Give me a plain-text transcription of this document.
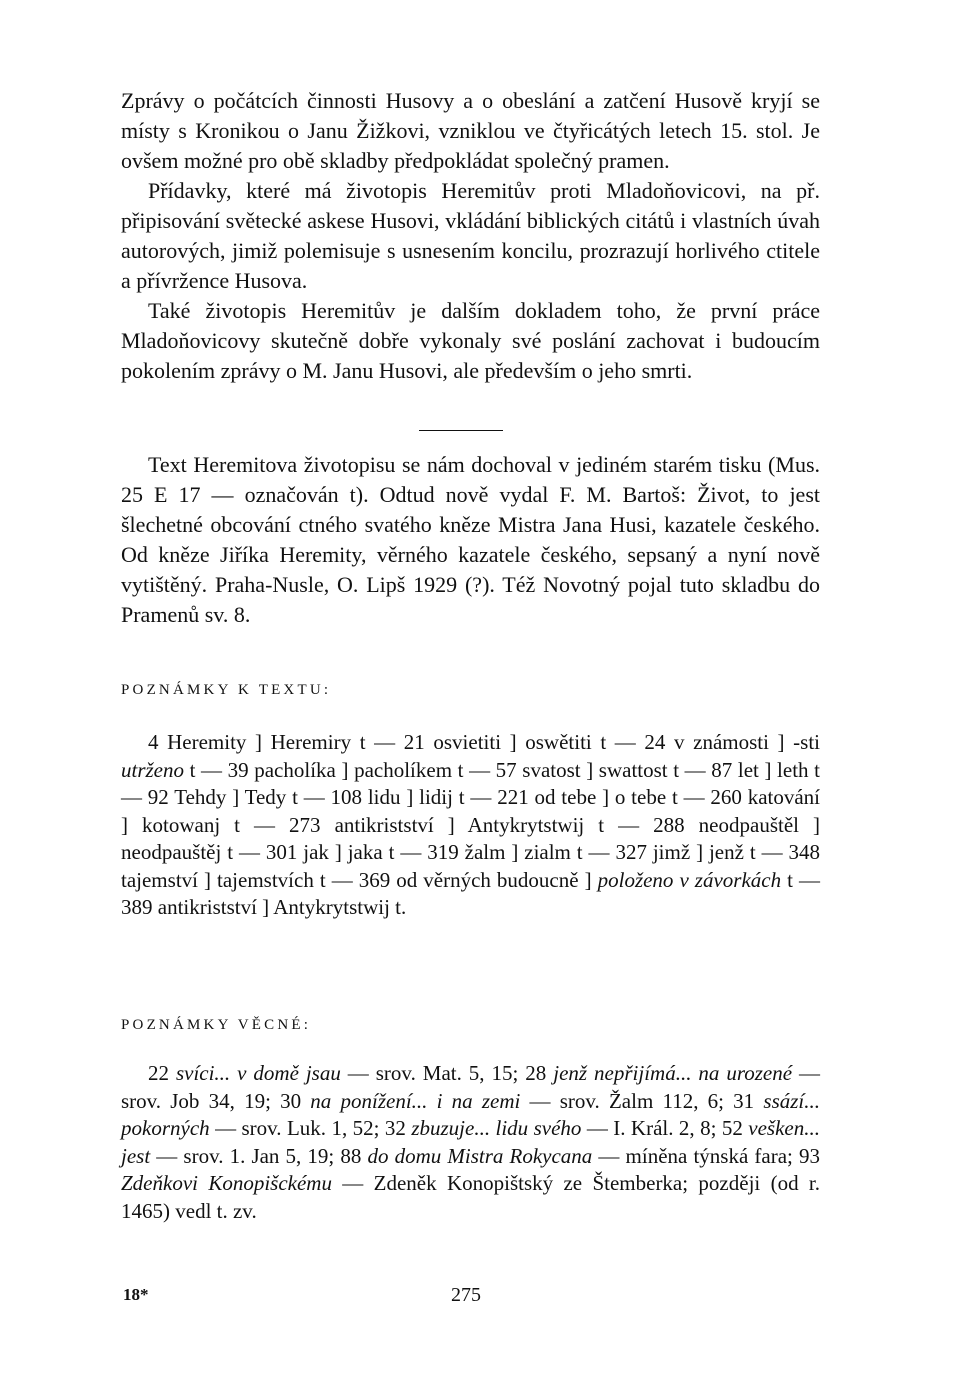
Zprávy o počátcích činnosti Husovy a o obeslání a zatčení Husově kryjí se místy s Kronikou o Janu Žižkovi, vzniklou ve čtyřicátých letech 15. stol. Je ovšem možné pro obě skladby předpokládat společný pramen.

Přídavky, které má životopis Heremitův proti Mladoňovicovi, na př. připisování světecké askese Husovi, vkládání biblických citátů i vlastních úvah autorových, jimiž polemisuje s usnesením koncilu, prozrazují horlivého ctitele a přívržence Husova.

Také životopis Heremitův je dalším dokladem toho, že první práce Mladoňovicovy skutečně dobře vykonaly své poslání zachovat i budoucím pokolením zprávy o M. Janu Husovi, ale především o jeho smrti.

Text Heremitova životopisu se nám dochoval v jediném starém tisku (Mus. 25 E 17 — označován t). Odtud nově vydal F. M. Bartoš: Život, to jest šlechetné obcování ctného svatého kněze Mistra Jana Husi, kazatele českého. Od kněze Jiříka Heremity, věrného kazatele českého, sepsaný a nyní nově vytištěný. Praha-Nusle, O. Lipš 1929 (?). Též Novotný pojal tuto skladbu do Pramenů sv. 8.

POZNÁMKY K TEXTU:

4 Heremity ] Heremiry t — 21 osvietiti ] oswětiti t — 24 v známosti ] -sti utrženo t — 39 pacholíka ] pacholíkem t — 57 svatost ] swattost t — 87 let ] leth t — 92 Tehdy ] Tedy t — 108 lidu ] lidij t — 221 od tebe ] o tebe t — 260 katování ] kotowanj t — 273 antikristství ] Antykrytstwij t — 288 neodpauštěl ] neodpauštěj t — 301 jak ] jaka t — 319 žalm ] zialm t — 327 jimž ] jenž t — 348 tajemství ] tajemstvích t — 369 od věrných budoucně ] položeno v závorkách t — 389 antikristství ] Antykrytstwij t.

POZNÁMKY VĚCNÉ:

22 svíci... v domě jsau — srov. Mat. 5, 15; 28 jenž nepřijímá... na urozené — srov. Job 34, 19; 30 na ponížení... i na zemi — srov. Žalm 112, 6; 31 ssází... pokorných — srov. Luk. 1, 52; 32 zbuzuje... lidu svého — I. Král. 2, 8; 52 vešken... jest — srov. 1. Jan 5, 19; 88 do domu Mistra Rokycana — míněna týnská fara; 93 Zdeňkovi Konopišckému — Zdeněk Konopištský ze Štemberka; později (od r. 1465) vedl t. zv.

18*	275
